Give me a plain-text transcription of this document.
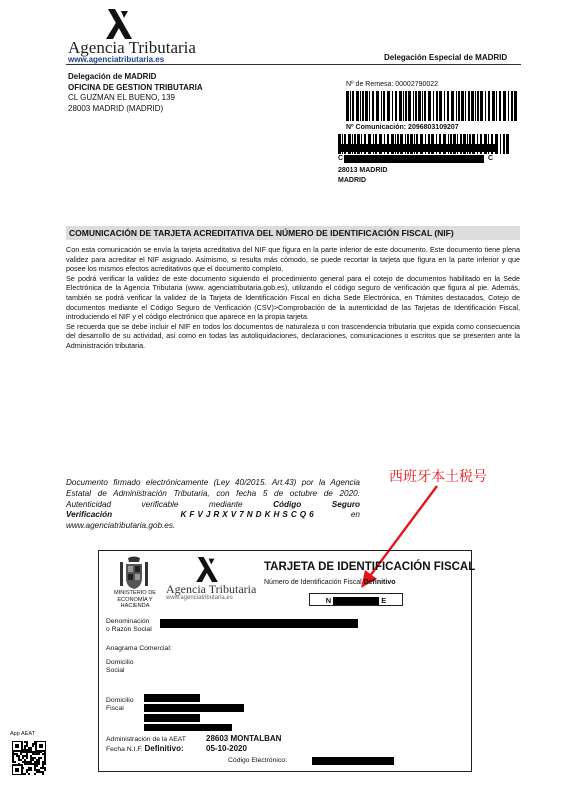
Agencia Tributaria
www.agenciatributaria.es	Delegación Especial de MADRID
Delegación de MADRID
OFICINA DE GESTION TRIBUTARIA
CL GUZMAN EL BUENO, 139
28003 MADRID (MADRID)
Nº de Remesa: 00002790022
Nº Comunicación: 2096803109207
C	C
28013 MADRID
MADRID
COMUNICACIÓN DE TARJETA ACREDITATIVA DEL NÚMERO DE IDENTIFICACIÓN FISCAL (NIF)

Con esta comunicación se envía la tarjeta acreditativa del NIF que figura en la parte inferior de este documento. Este documento tiene plena validez para acreditar el NIF asignado. Asimismo, si resulta más cómodo, se puede recortar la tarjeta que figura en la parte inferior y que posee los mismos efectos acreditativos que el documento completo.

Se podrá verificar la validez de este documento siguiendo el procedimiento general para el cotejo de documentos habilitado en la Sede Electrónica de la Agencia Tributaria (www. agenciatributaria.gob.es), utilizando el código seguro de verificación que figura al pie. Además, también se podrá verificar la validez de la Tarjeta de Identificación Fiscal en dicha Sede Electrónica, en Trámites destacados, Cotejo de documentos mediante el Código Seguro de Verificación (CSV)>Comprobación de la autenticidad de las Tarjetas de Identificación Fiscal, introduciendo el NIF y el código electrónico que aparece en la propia tarjeta.

Se recuerda que se debe incluir el NIF en todos los documentos de naturaleza o con trascendencia tributaria que expida como consecuencia del desarrollo de su actividad, así como en todas las autoliquidaciones, declaraciones, comunicaciones o escritos que se presenten ante la Administración tributaria.

Documento firmado electrónicamente (Ley 40/2015. Art.43) por la Agencia Estatal de Administración Tributaria, con fecha 5 de octubre de 2020. Autenticidad verificable mediante Código Seguro Verificación	KFVJRXV7NDKHSCQ6 en www.agenciatributaria.gob.es.
西班牙本土税号
MINISTERIO DE ECONOMÍA Y HACIENDA
Agencia Tributaria
www.agenciatributaria.es
TARJETA DE IDENTIFICACIÓN FISCAL
Número de Identificación Fiscal Definitivo
N	E
Denominación o Razón Social
Anagrama Comercial:
Domicilio Social
Domicilio Fiscal
Administración de la AEAT	28603 MONTALBAN
Fecha N.I.F. Definitivo:	05-10-2020
Código Electrónico:
App AEAT
